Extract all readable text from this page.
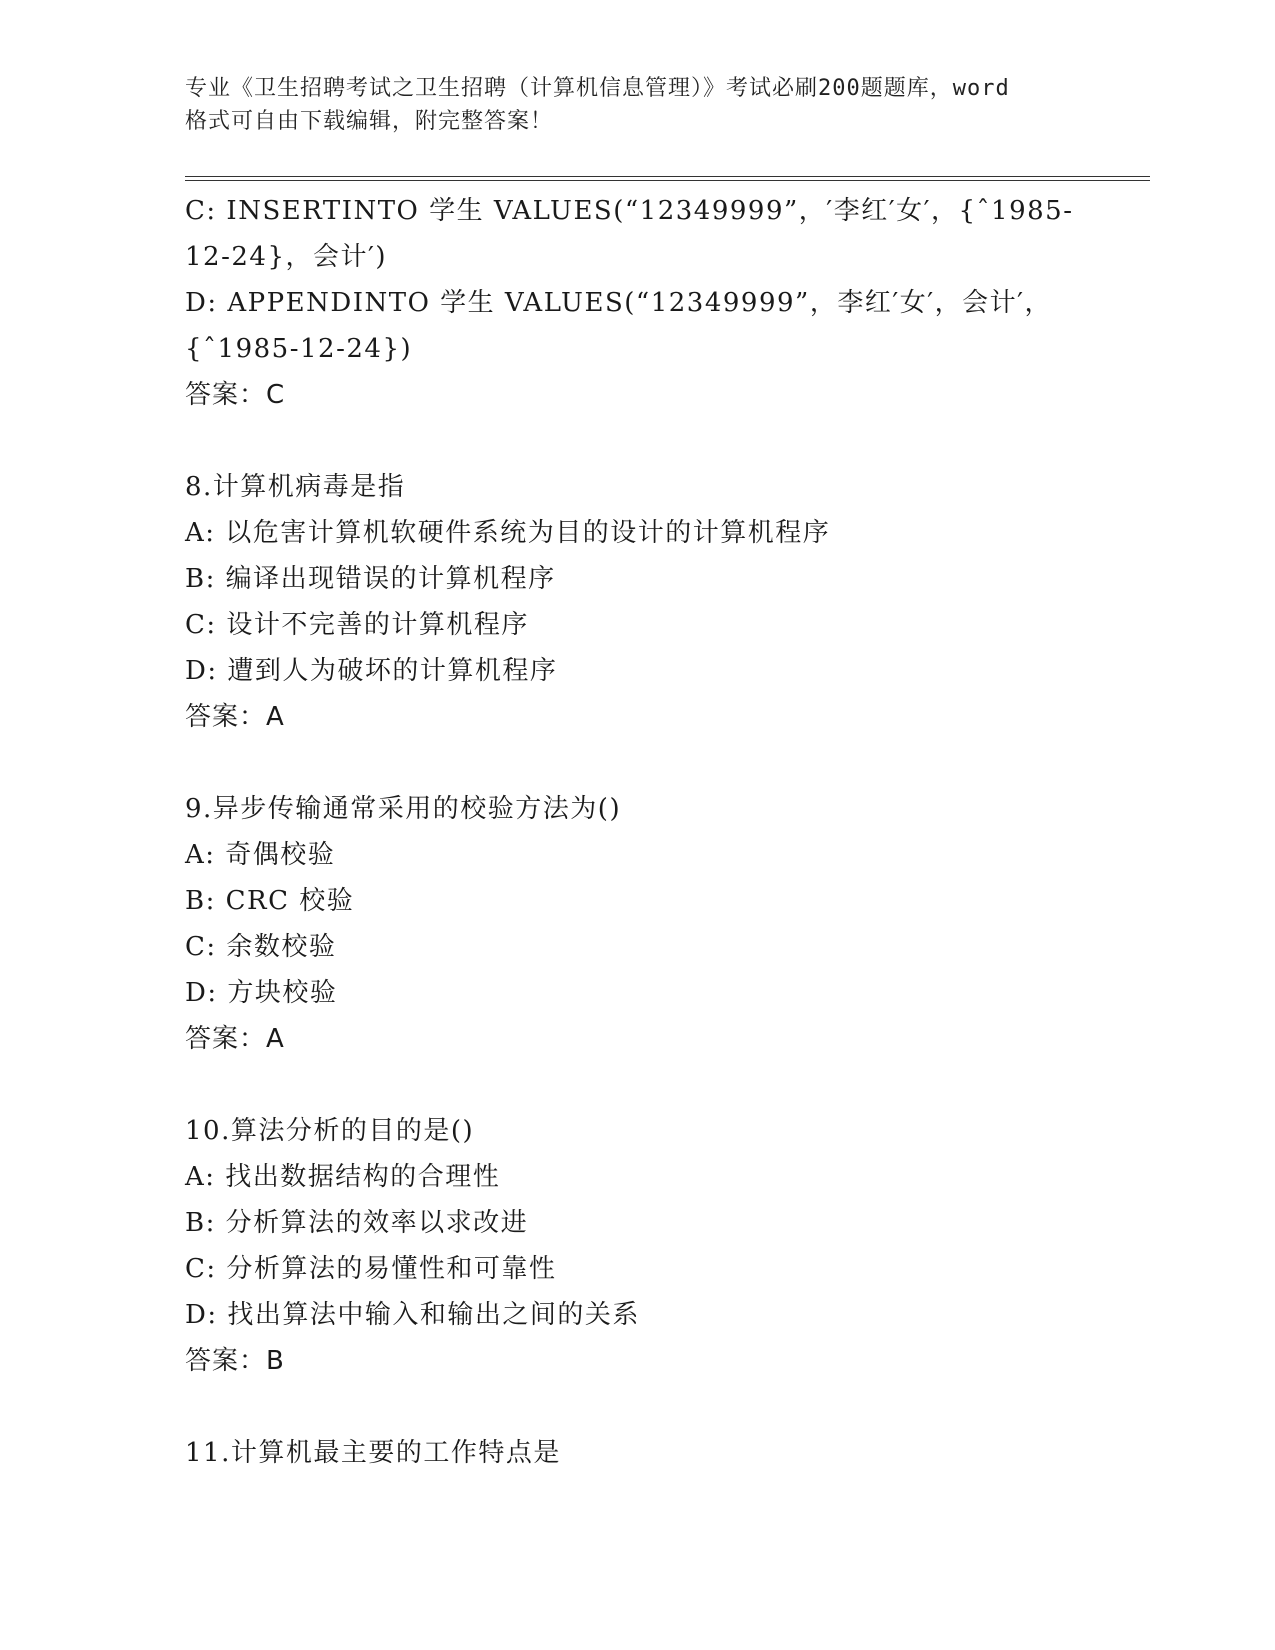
专业《卫生招聘考试之卫生招聘（计算机信息管理）》考试必刷200题题库，word
格式可自由下载编辑，附完整答案！
C: INSERTINTO 学生 VALUES(“12349999”，′李红′女′，{ˆ1985-
12-24}，会计′)
D: APPENDINTO 学生 VALUES(“12349999”，李红′女′，会计′，
{ˆ1985-12-24})
答案：C
8.计算机病毒是指
A: 以危害计算机软硬件系统为目的设计的计算机程序
B: 编译出现错误的计算机程序
C: 设计不完善的计算机程序
D: 遭到人为破坏的计算机程序
答案：A
9.异步传输通常采用的校验方法为()
A: 奇偶校验
B: CRC 校验
C: 余数校验
D: 方块校验
答案：A
10.算法分析的目的是()
A: 找出数据结构的合理性
B: 分析算法的效率以求改进
C: 分析算法的易懂性和可靠性
D: 找出算法中输入和输出之间的关系
答案：B
11.计算机最主要的工作特点是
